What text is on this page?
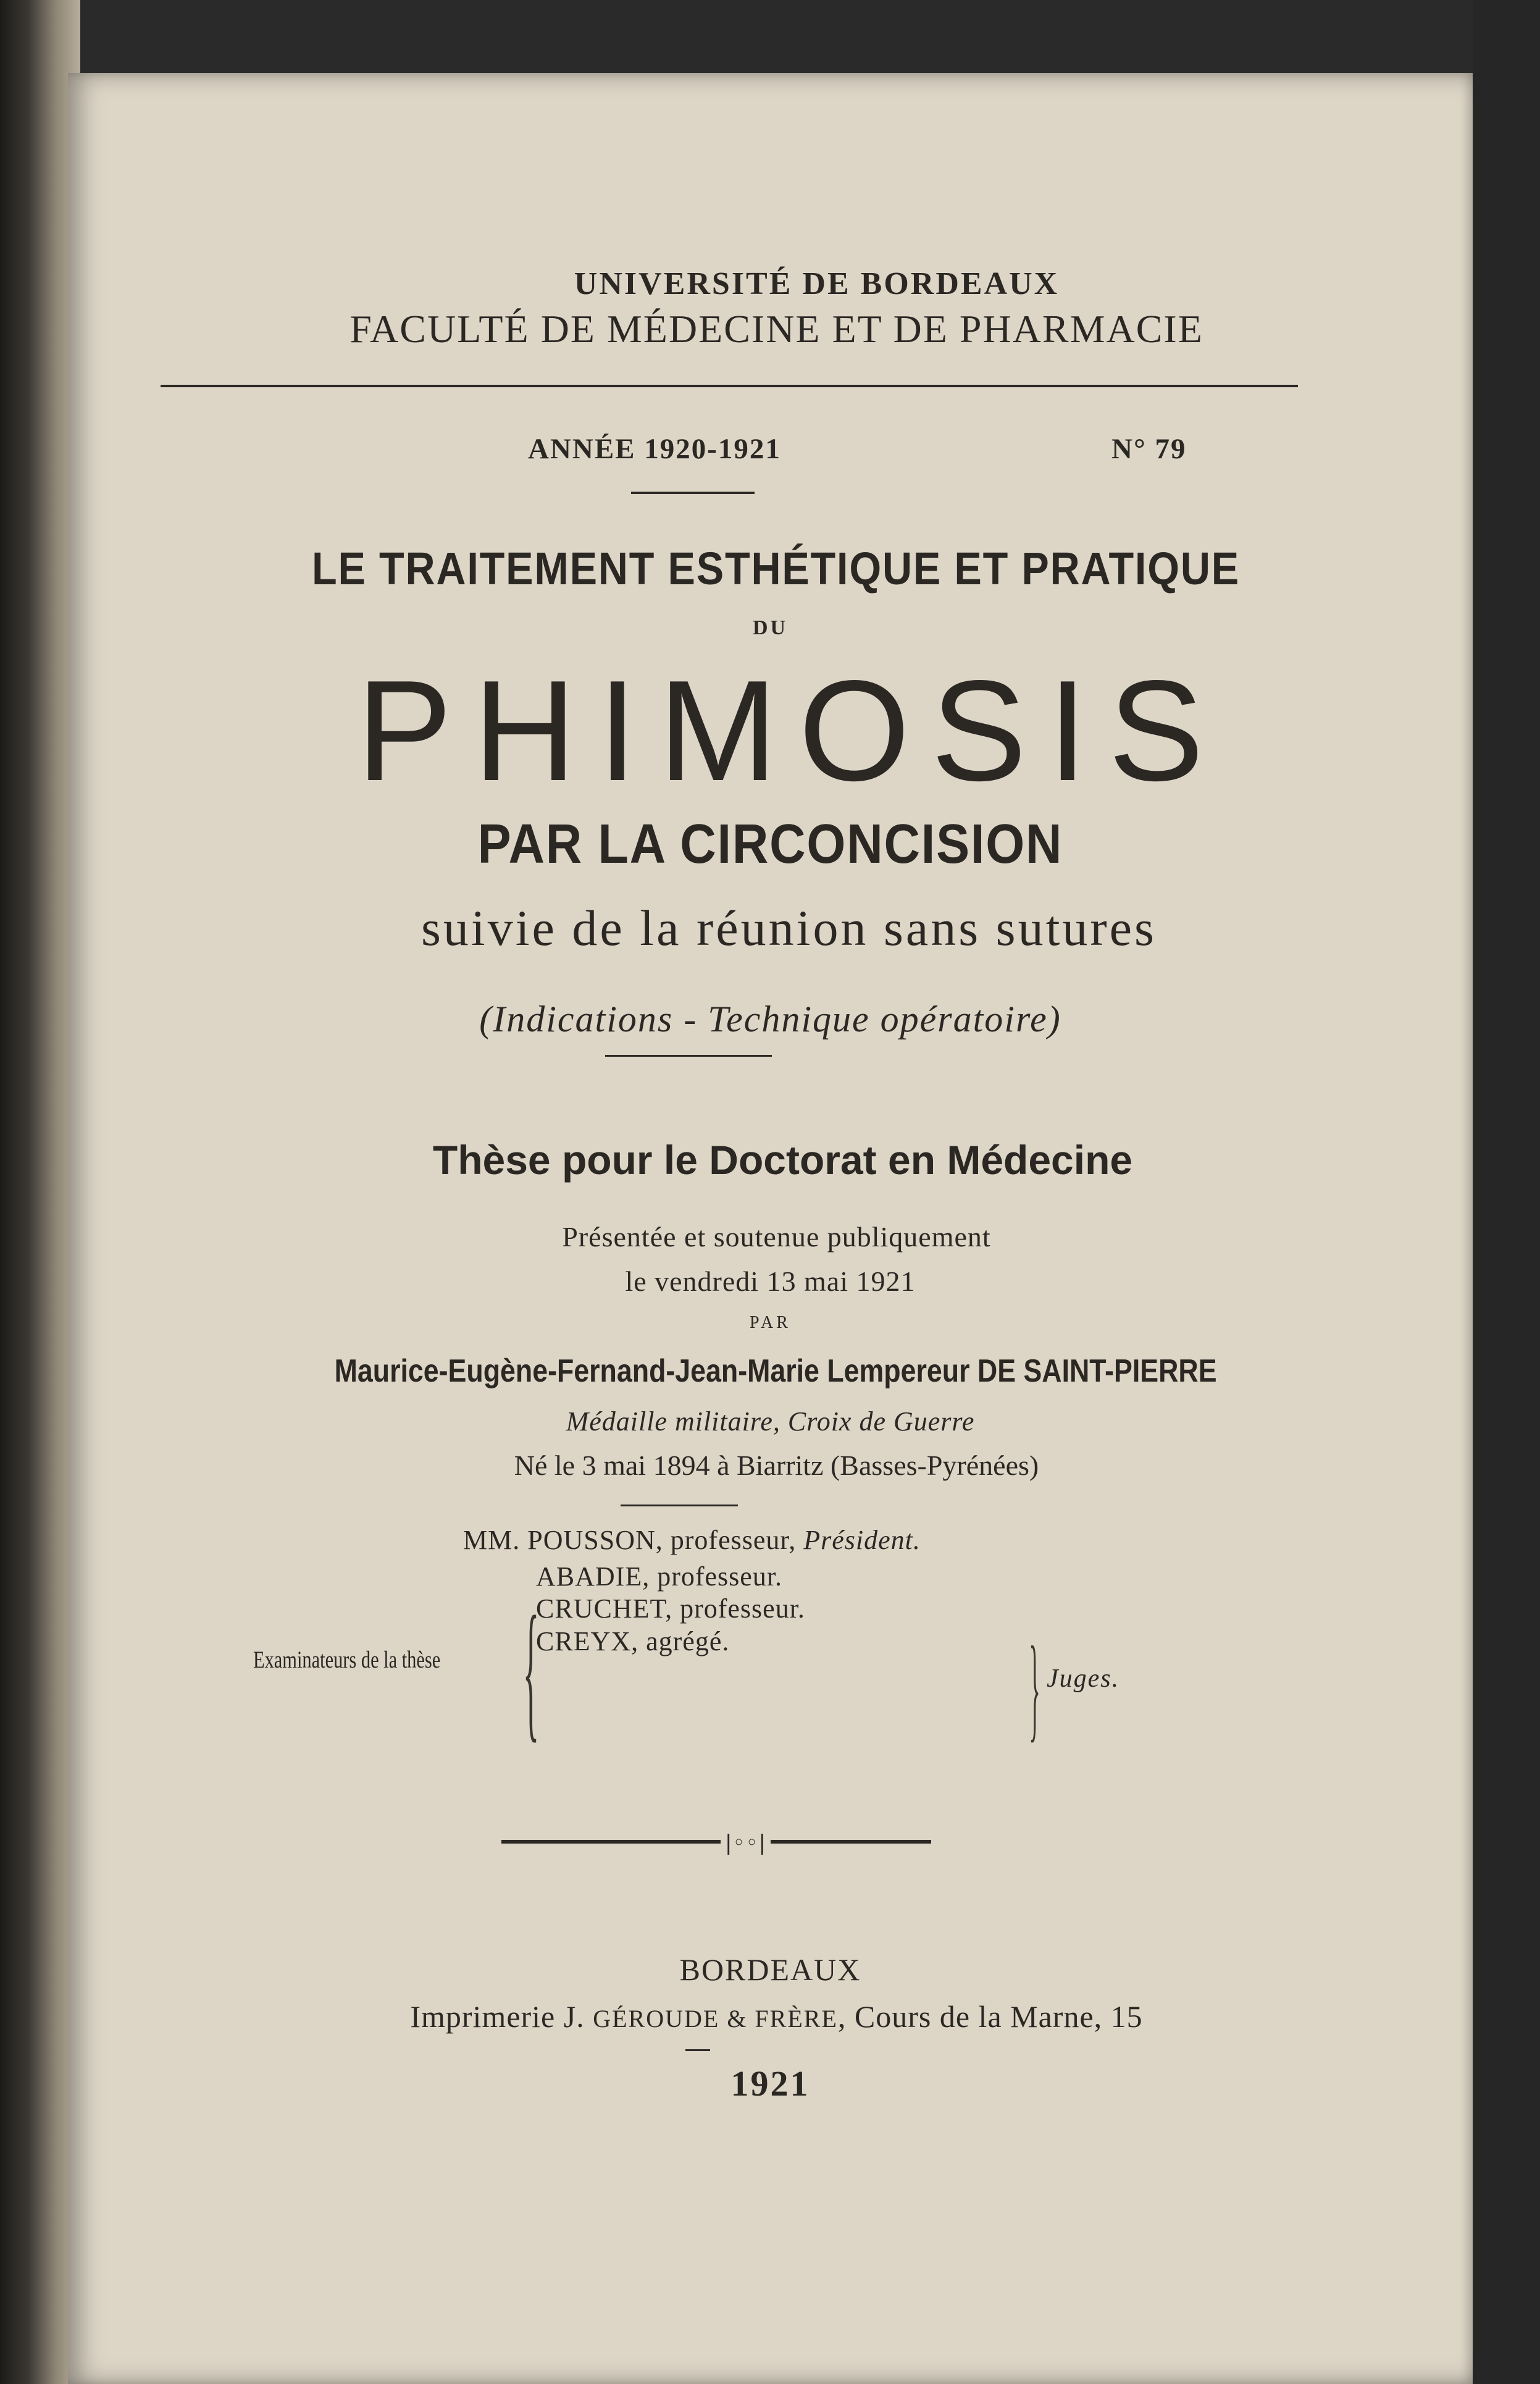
UNIVERSITÉ DE BORDEAUX
FACULTÉ DE MÉDECINE ET DE PHARMACIE
ANNÉE 1920-1921	N° 79
LE TRAITEMENT ESTHÉTIQUE ET PRATIQUE
DU
PHIMOSIS
PAR LA CIRCONCISION
suivie de la réunion sans sutures
(Indications - Technique opératoire)
Thèse pour le Doctorat en Médecine
Présentée et soutenue publiquement
le vendredi 13 mai 1921
PAR
Maurice-Eugène-Fernand-Jean-Marie Lempereur DE SAINT-PIERRE
Médaille militaire, Croix de Guerre
Né le 3 mai 1894 à Biarritz (Basses-Pyrénées)
Examinateurs de la thèse {
MM. POUSSON, professeur, Président.
ABADIE, professeur.
CRUCHET, professeur.
CREYX, agrégé.	} Juges.
|◦◦|
BORDEAUX
Imprimerie J. GÉROUDE & FRÈRE, Cours de la Marne, 15
1921
